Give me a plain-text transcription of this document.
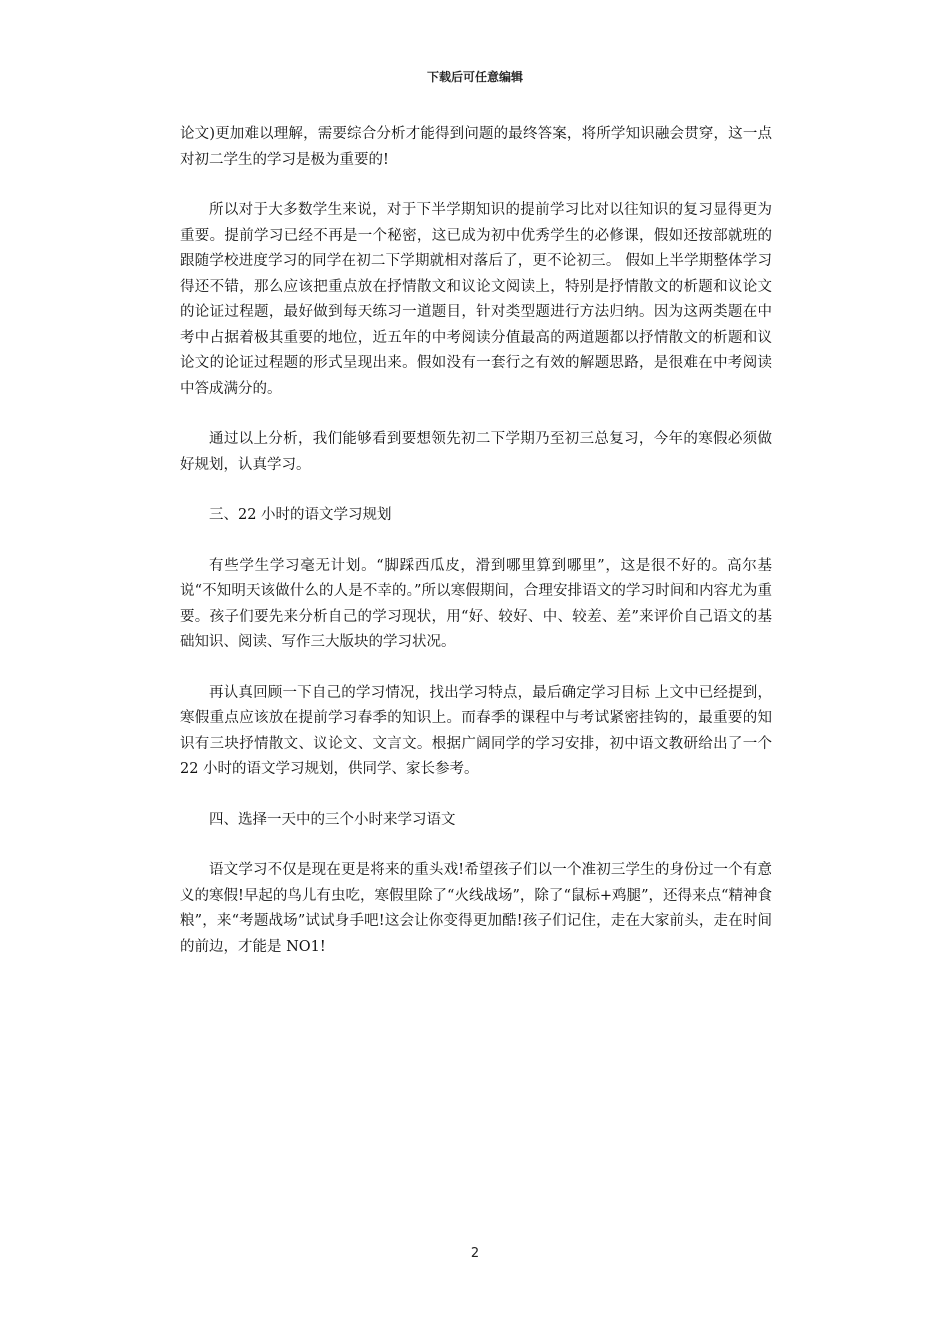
下载后可任意编辑

论文)更加难以理解，需要综合分析才能得到问题的最终答案，将所学知识融会贯穿，这一点对初二学生的学习是极为重要的!

所以对于大多数学生来说，对于下半学期知识的提前学习比对以往知识的复习显得更为重要。提前学习已经不再是一个秘密，这已成为初中优秀学生的必修课，假如还按部就班的跟随学校进度学习的同学在初二下学期就相对落后了，更不论初三。 假如上半学期整体学习得还不错，那么应该把重点放在抒情散文和议论文阅读上，特别是抒情散文的析题和议论文的论证过程题，最好做到每天练习一道题目，针对类型题进行方法归纳。因为这两类题在中考中占据着极其重要的地位，近五年的中考阅读分值最高的两道题都以抒情散文的析题和议论文的论证过程题的形式呈现出来。假如没有一套行之有效的解题思路，是很难在中考阅读中答成满分的。

通过以上分析，我们能够看到要想领先初二下学期乃至初三总复习，今年的寒假必须做好规划，认真学习。

三、22 小时的语文学习规划

有些学生学习毫无计划。“脚踩西瓜皮，滑到哪里算到哪里”，这是很不好的。高尔基说“不知明天该做什么的人是不幸的。”所以寒假期间，合理安排语文的学习时间和内容尤为重要。孩子们要先来分析自己的学习现状，用“好、较好、中、较差、差”来评价自己语文的基础知识、阅读、写作三大版块的学习状况。

再认真回顾一下自己的学习情况，找出学习特点，最后确定学习目标 上文中已经提到，寒假重点应该放在提前学习春季的知识上。而春季的课程中与考试紧密挂钩的，最重要的知识有三块抒情散文、议论文、文言文。根据广阔同学的学习安排，初中语文教研给出了一个22 小时的语文学习规划，供同学、家长参考。

四、选择一天中的三个小时来学习语文

语文学习不仅是现在更是将来的重头戏!希望孩子们以一个准初三学生的身份过一个有意义的寒假!早起的鸟儿有虫吃，寒假里除了“火线战场”，除了“鼠标+鸡腿”，还得来点“精神食粮”，来“考题战场”试试身手吧!这会让你变得更加酷!孩子们记住，走在大家前头，走在时间的前边，才能是 NO1!

2
